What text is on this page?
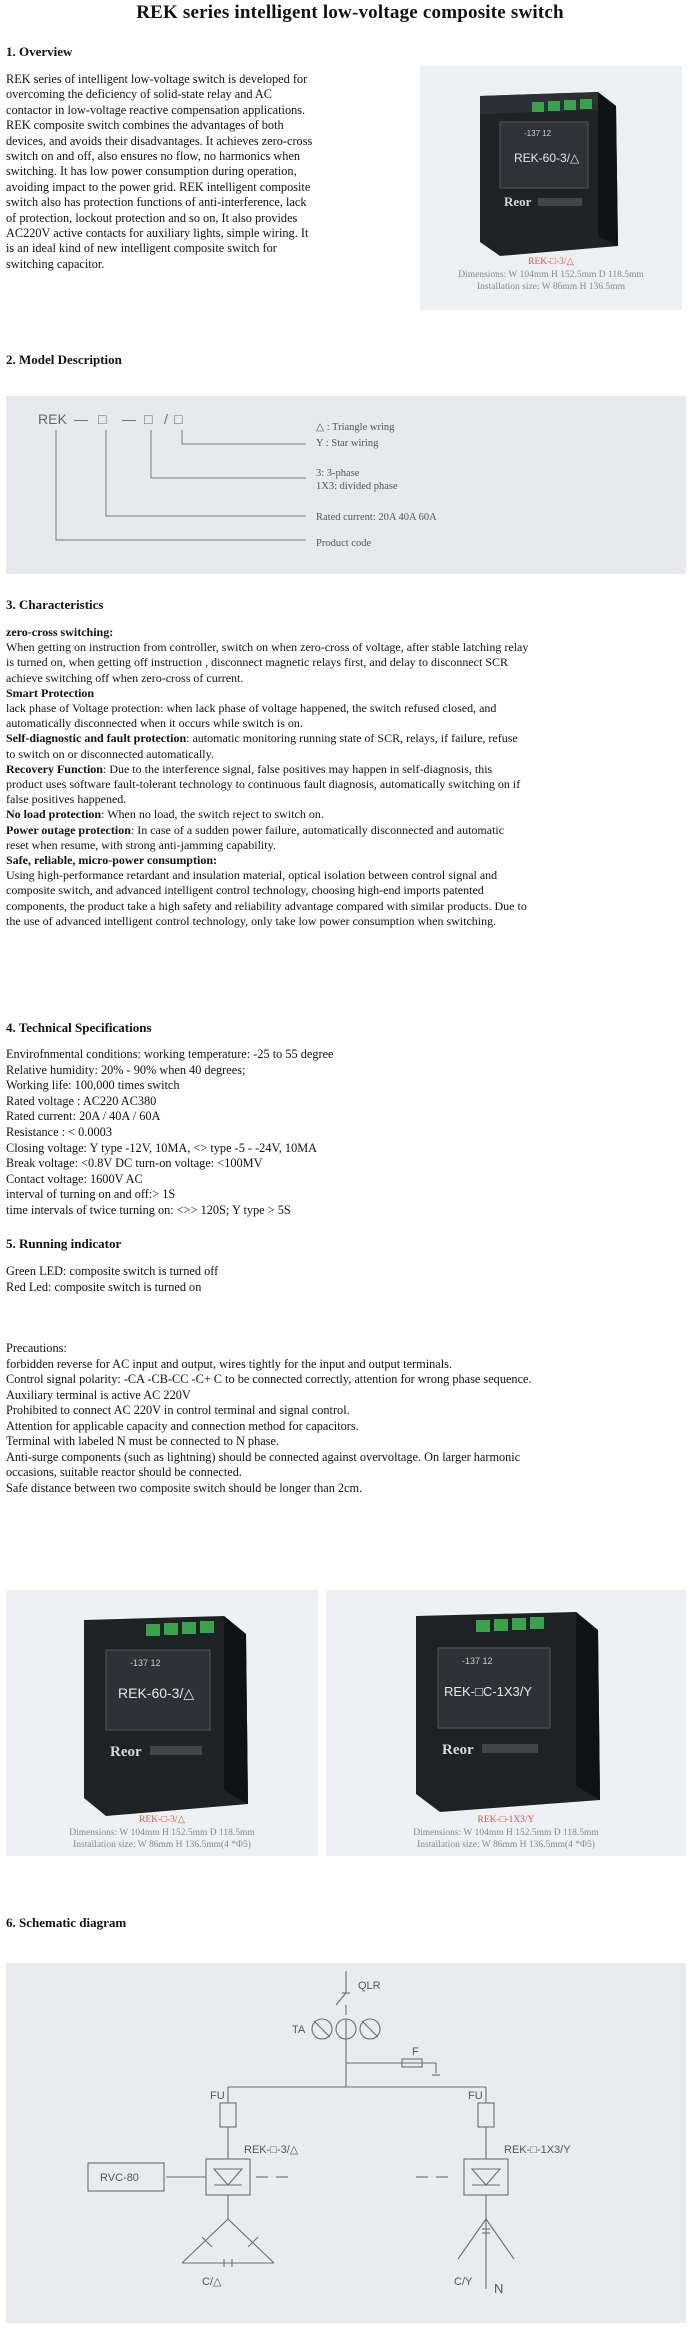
REK series intelligent low-voltage composite switch
1. Overview
REK series of intelligent low-voltage switch is developed for
overcoming the deficiency of solid-state relay and AC
contactor in low-voltage reactive compensation applications.
REK composite switch combines the advantages of both
devices, and avoids their disadvantages. It achieves zero-cross
switch on and off, also ensures no flow, no harmonics when
switching. It has low power consumption during operation,
avoiding impact to the power grid. REK intelligent composite
switch also has protection functions of anti-interference, lack
of protection, lockout protection and so on, It also provides
AC220V active contacts for auxiliary lights, simple wiring. It
is an ideal kind of new intelligent composite switch for
switching capacitor.
-137 12
REK-60-3/△
Reor
REK-□-3/△
Dimensions: W 104mm H 152.5mm D 118.5mm
Installation size: W 86mm H 136.5mm
2. Model Description
REK — □ — □ / □
△ : Triangle wring
Y : Star wiring
3: 3-phase
1X3: divided phase
Rated current: 20A 40A 60A
Product code
3. Characteristics
zero-cross switching:
When getting on instruction from controller, switch on when zero-cross of voltage, after stable latching relay
is turned on, when getting off instruction , disconnect magnetic relays first, and delay to disconnect SCR
achieve switching off when zero-cross of current.
Smart Protection
lack phase of Voltage protection: when lack phase of voltage happened, the switch refused closed, and
automatically disconnected when it occurs while switch is on.
Self-diagnostic and fault protection: automatic monitoring running state of SCR, relays, if failure, refuse
to switch on or disconnected automatically.
Recovery Function: Due to the interference signal, false positives may happen in self-diagnosis, this
product uses software fault-tolerant technology to continuous fault diagnosis, automatically switching on if
false positives happened.
No load protection: When no load, the switch reject to switch on.
Power outage protection: In case of a sudden power failure, automatically disconnected and automatic
reset when resume, with strong anti-jamming capability.
Safe, reliable, micro-power consumption:
Using high-performance retardant and insulation material, optical isolation between control signal and
composite switch, and advanced intelligent control technology, choosing high-end imports patented
components, the product take a high safety and reliability advantage compared with similar products. Due to
the use of advanced intelligent control technology, only take low power consumption when switching.
4. Technical Specifications
Envirofnmental conditions: working temperature: -25 to 55 degree
Relative humidity: 20% - 90% when 40 degrees;
Working life: 100,000 times switch
Rated voltage : AC220 AC380
Rated current: 20A / 40A / 60A
Resistance : < 0.0003
Closing voltage: Y type -12V, 10MA, <> type -5 - -24V, 10MA
Break voltage: <0.8V DC turn-on voltage: <100MV
Contact voltage: 1600V AC
interval of turning on and off:> 1S
time intervals of twice turning on: <>> 120S; Y type > 5S
5. Running indicator
Green LED: composite switch is turned off
Red Led: composite switch is turned on
Precautions:
forbidden reverse for AC input and output, wires tightly for the input and output terminals.
Control signal polarity: -CA -CB-CC -C+ C to be connected correctly, attention for wrong phase sequence.
Auxiliary terminal is active AC 220V
Prohibited to connect AC 220V in control terminal and signal control.
Attention for applicable capacity and connection method for capacitors.
Terminal with labeled N must be connected to N phase.
Anti-surge components (such as lightning) should be connected against overvoltage. On larger harmonic
occasions, suitable reactor should be connected.
Safe distance between two composite switch should be longer than 2cm.
-137 12
REK-60-3/△
Reor
REK-□-3/△
Dimensions: W 104mm H 152.5mm D 118.5mm
Installation size: W 86mm H 136.5mm(4 *Φ5)
-137 12
REK-□C-1X3/Y
Reor
REK-□-1X3/Y
Dimensions: W 104mm H 152.5mm D 118.5mm
Installation size: W 86mm H 136.5mm(4 *Φ5)
6. Schematic diagram
QLR
TA
F
FU	FU
REK-□-3/△	REK-□-1X3/Y
RVC-80
C/△	C/Y N
